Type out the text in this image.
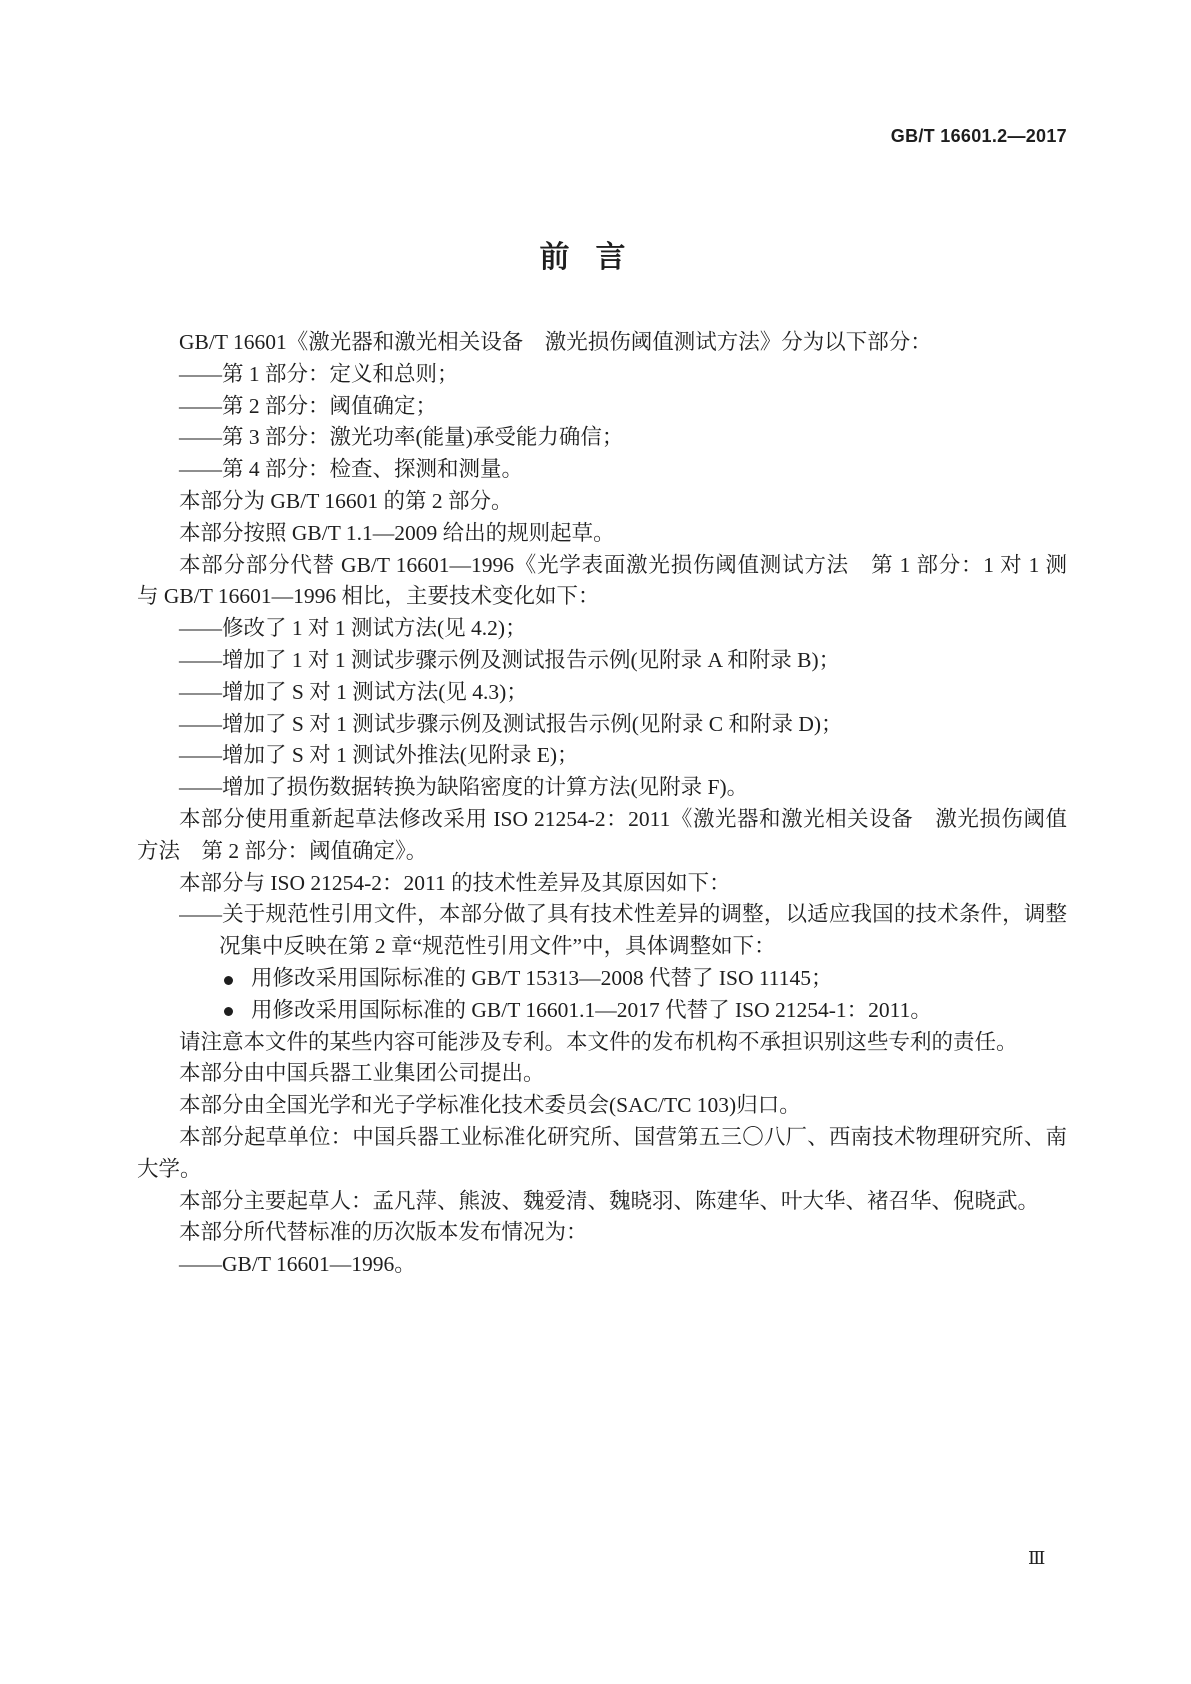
GB/T 16601.2—2017
前言
GB/T 16601《激光器和激光相关设备　激光损伤阈值测试方法》分为以下部分：
——第 1 部分：定义和总则；
——第 2 部分：阈值确定；
——第 3 部分：激光功率(能量)承受能力确信；
——第 4 部分：检查、探测和测量。
本部分为 GB/T 16601 的第 2 部分。
本部分按照 GB/T 1.1—2009 给出的规则起草。
本部分部分代替 GB/T 16601—1996《光学表面激光损伤阈值测试方法　第 1 部分：1 对 1 测
与 GB/T 16601—1996 相比，主要技术变化如下：
——修改了 1 对 1 测试方法(见 4.2)；
——增加了 1 对 1 测试步骤示例及测试报告示例(见附录 A 和附录 B)；
——增加了 S 对 1 测试方法(见 4.3)；
——增加了 S 对 1 测试步骤示例及测试报告示例(见附录 C 和附录 D)；
——增加了 S 对 1 测试外推法(见附录 E)；
——增加了损伤数据转换为缺陷密度的计算方法(见附录 F)。
本部分使用重新起草法修改采用 ISO 21254-2：2011《激光器和激光相关设备　激光损伤阈值
方法　第 2 部分：阈值确定》。
本部分与 ISO 21254-2：2011 的技术性差异及其原因如下：
——关于规范性引用文件，本部分做了具有技术性差异的调整，以适应我国的技术条件，调整
况集中反映在第 2 章“规范性引用文件”中，具体调整如下：
用修改采用国际标准的 GB/T 15313—2008 代替了 ISO 11145；
用修改采用国际标准的 GB/T 16601.1—2017 代替了 ISO 21254-1：2011。
请注意本文件的某些内容可能涉及专利。本文件的发布机构不承担识别这些专利的责任。
本部分由中国兵器工业集团公司提出。
本部分由全国光学和光子学标准化技术委员会(SAC/TC 103)归口。
本部分起草单位：中国兵器工业标准化研究所、国营第五三〇八厂、西南技术物理研究所、南
大学。
本部分主要起草人：孟凡萍、熊波、魏爱清、魏晓羽、陈建华、叶大华、褚召华、倪晓武。
本部分所代替标准的历次版本发布情况为：
——GB/T 16601—1996。
Ⅲ
